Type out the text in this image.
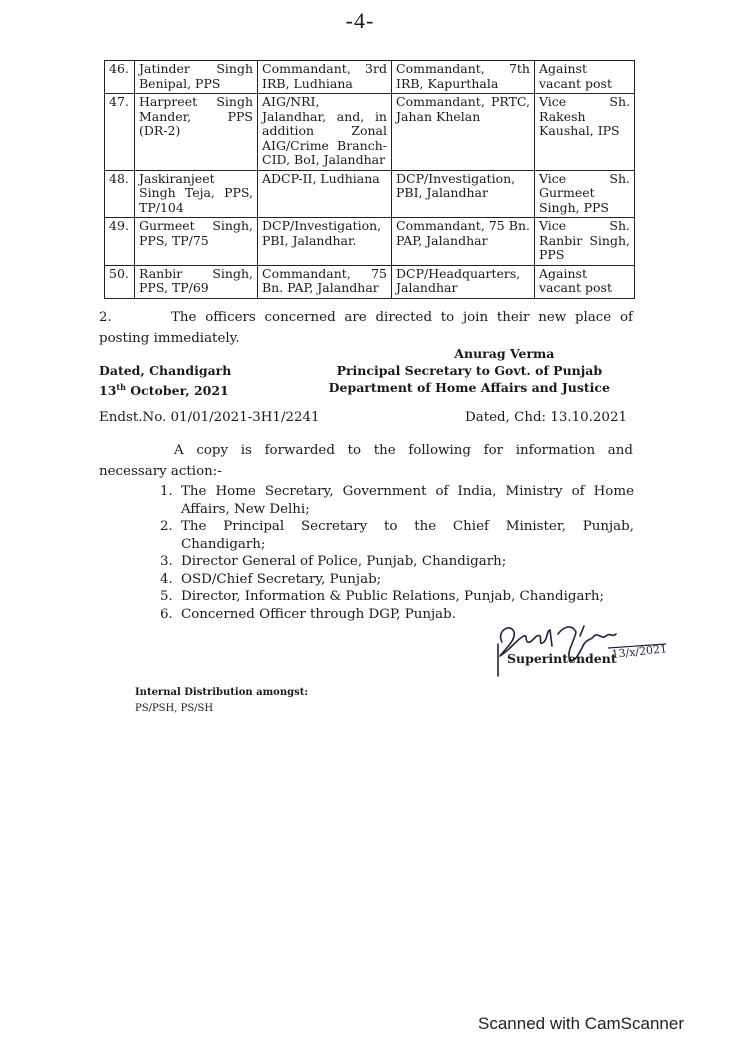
-4-
46.	Jatinder Singh Benipal, PPS	Commandant, 3rd IRB, Ludhiana	Commandant, 7th IRB, Kapurthala	Against vacant post
47.	Harpreet Singh Mander, PPS (DR-2)	AIG/NRI, Jalandhar, and, in addition Zonal AIG/Crime Branch-CID, BoI, Jalandhar	Commandant, PRTC, Jahan Khelan	Vice Sh. Rakesh Kaushal, IPS
48.	Jaskiranjeet Singh Teja, PPS, TP/104	ADCP-II, Ludhiana	DCP/Investigation, PBI, Jalandhar	Vice Sh. Gurmeet Singh, PPS
49.	Gurmeet Singh, PPS, TP/75	DCP/Investigation, PBI, Jalandhar.	Commandant, 75 Bn. PAP, Jalandhar	Vice Sh. Ranbir Singh, PPS
50.	Ranbir Singh, PPS, TP/69	Commandant, 75 Bn. PAP, Jalandhar	DCP/Headquarters, Jalandhar	Against vacant post
2.	The officers concerned are directed to join their new place of
posting immediately.
Anurag Verma
Principal Secretary to Govt. of Punjab
Department of Home Affairs and Justice
Dated, Chandigarh
13th October, 2021
Endst.No. 01/01/2021-3H1/2241	Dated, Chd: 13.10.2021
A copy is forwarded to the following for information and
necessary action:-
1. The Home Secretary, Government of India, Ministry of Home Affairs, New Delhi;
2. The Principal Secretary to the Chief Minister, Punjab, Chandigarh;
3. Director General of Police, Punjab, Chandigarh;
4. OSD/Chief Secretary, Punjab;
5. Director, Information & Public Relations, Punjab, Chandigarh;
6. Concerned Officer through DGP, Punjab.
13/x/2021
Superintendent
Internal Distribution amongst:
PS/PSH, PS/SH
Scanned with CamScanner
